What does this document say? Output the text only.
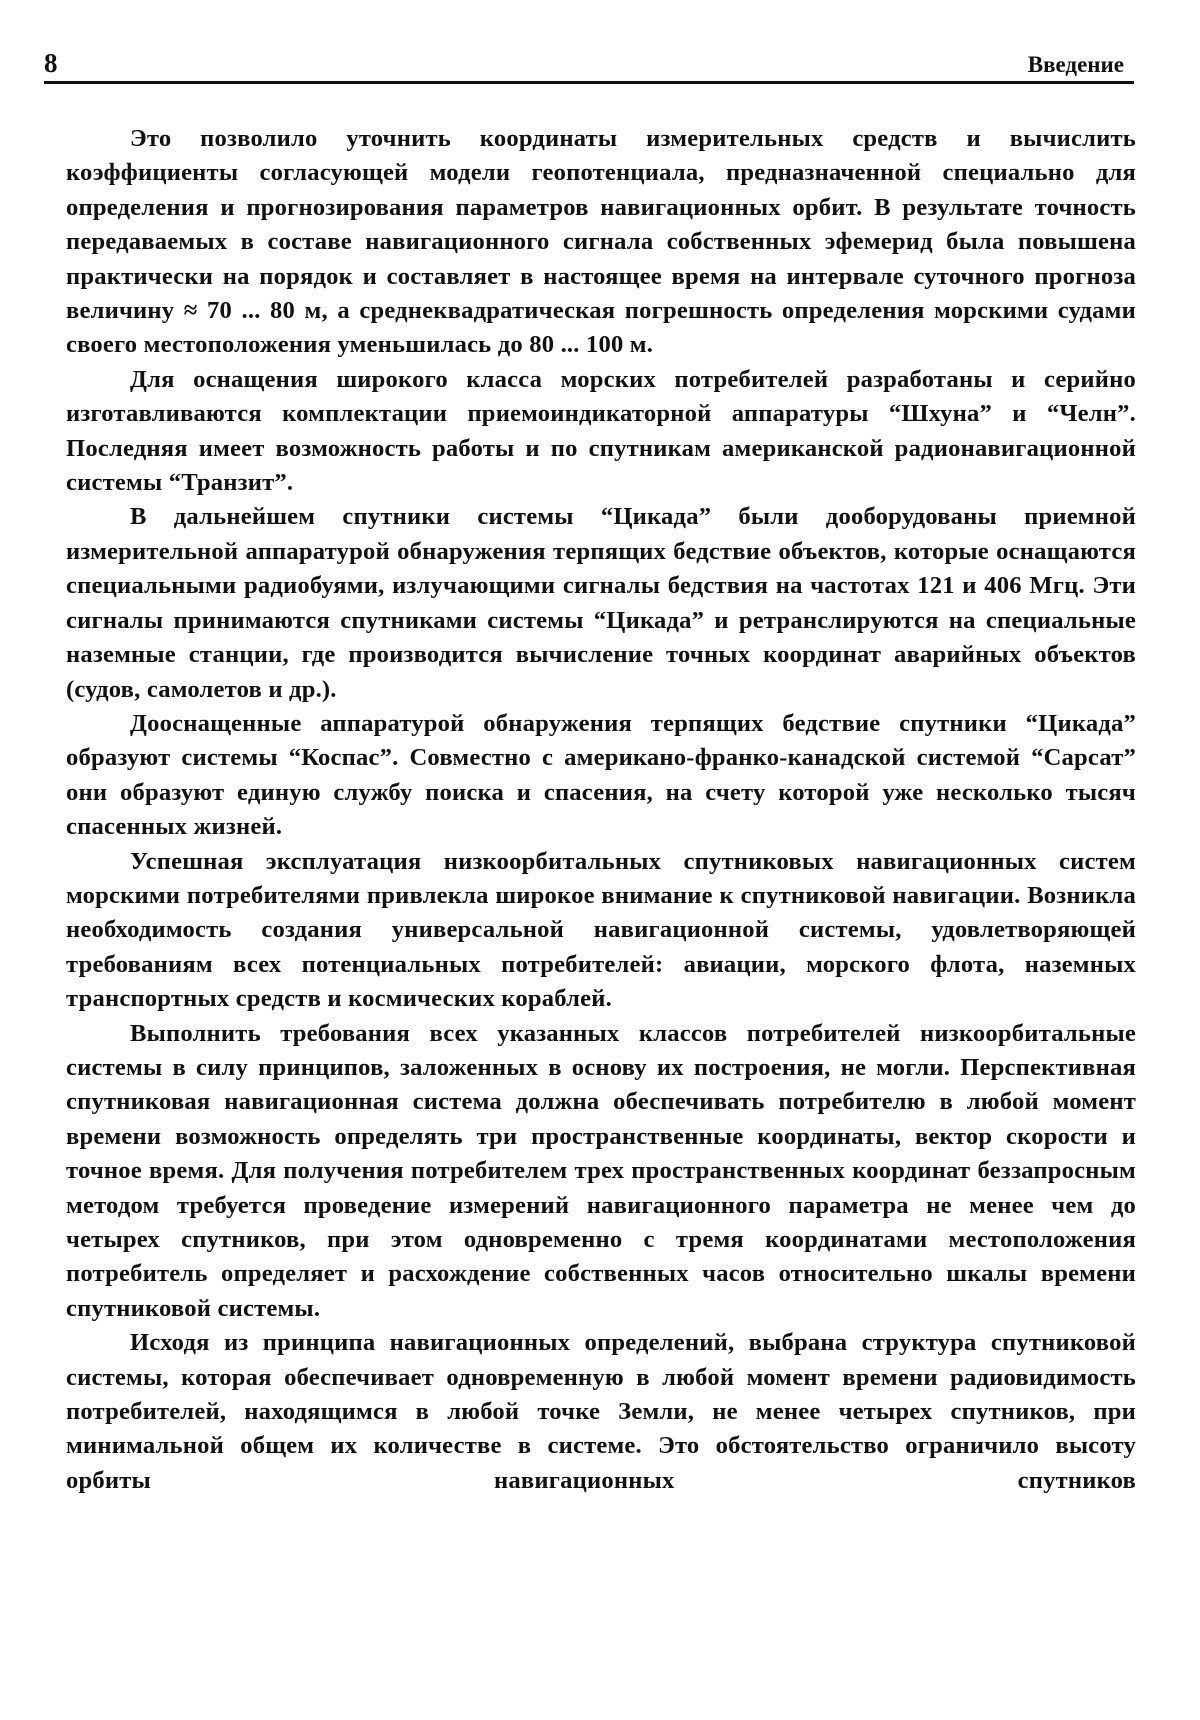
8	Введение

Это позволило уточнить координаты измерительных средств и вычислить коэффициенты согласующей модели геопотенциала, предназначенной специально для определения и прогнозирования параметров навигационных орбит. В результате точность передаваемых в составе навигационного сигнала собственных эфемерид была повышена практически на порядок и составляет в настоящее время на интервале суточного прогноза величину ≈ 70 ... 80 м, а среднеквадратическая погрешность определения морскими судами своего местоположения уменьшилась до 80 ... 100 м.

Для оснащения широкого класса морских потребителей разработаны и серийно изготавливаются комплектации приемоиндикаторной аппаратуры “Шхуна” и “Челн”. Последняя имеет возможность работы и по спутникам американской радионавигационной системы “Транзит”.

В дальнейшем спутники системы “Цикада” были дооборудованы приемной измерительной аппаратурой обнаружения терпящих бедствие объектов, которые оснащаются специальными радиобуями, излучающими сигналы бедствия на частотах 121 и 406 Мгц. Эти сигналы принимаются спутниками системы “Цикада” и ретранслируются на специальные наземные станции, где производится вычисление точных координат аварийных объектов (судов, самолетов и др.).

Дооснащенные аппаратурой обнаружения терпящих бедствие спутники “Цикада” образуют системы “Коспас”. Совместно с американо-франко-канадской системой “Сарсат” они образуют единую службу поиска и спасения, на счету которой уже несколько тысяч спасенных жизней.

Успешная эксплуатация низкоорбитальных спутниковых навигационных систем морскими потребителями привлекла широкое внимание к спутниковой навигации. Возникла необходимость создания универсальной навигационной системы, удовлетворяющей требованиям всех потенциальных потребителей: авиации, морского флота, наземных транспортных средств и космических кораблей.

Выполнить требования всех указанных классов потребителей низкоорбитальные системы в силу принципов, заложенных в основу их построения, не могли. Перспективная спутниковая навигационная система должна обеспечивать потребителю в любой момент времени возможность определять три пространственные координаты, вектор скорости и точное время. Для получения потребителем трех пространственных координат беззапросным методом требуется проведение измерений навигационного параметра не менее чем до четырех спутников, при этом одновременно с тремя координатами местоположения потребитель определяет и расхождение собственных часов относительно шкалы времени спутниковой системы.

Исходя из принципа навигационных определений, выбрана структура спутниковой системы, которая обеспечивает одновременную в любой момент времени радиовидимость потребителей, находящимся в любой точке Земли, не менее четырех спутников, при минимальной общем их количестве в системе. Это обстоятельство ограничило высоту орбиты навигационных спутников
